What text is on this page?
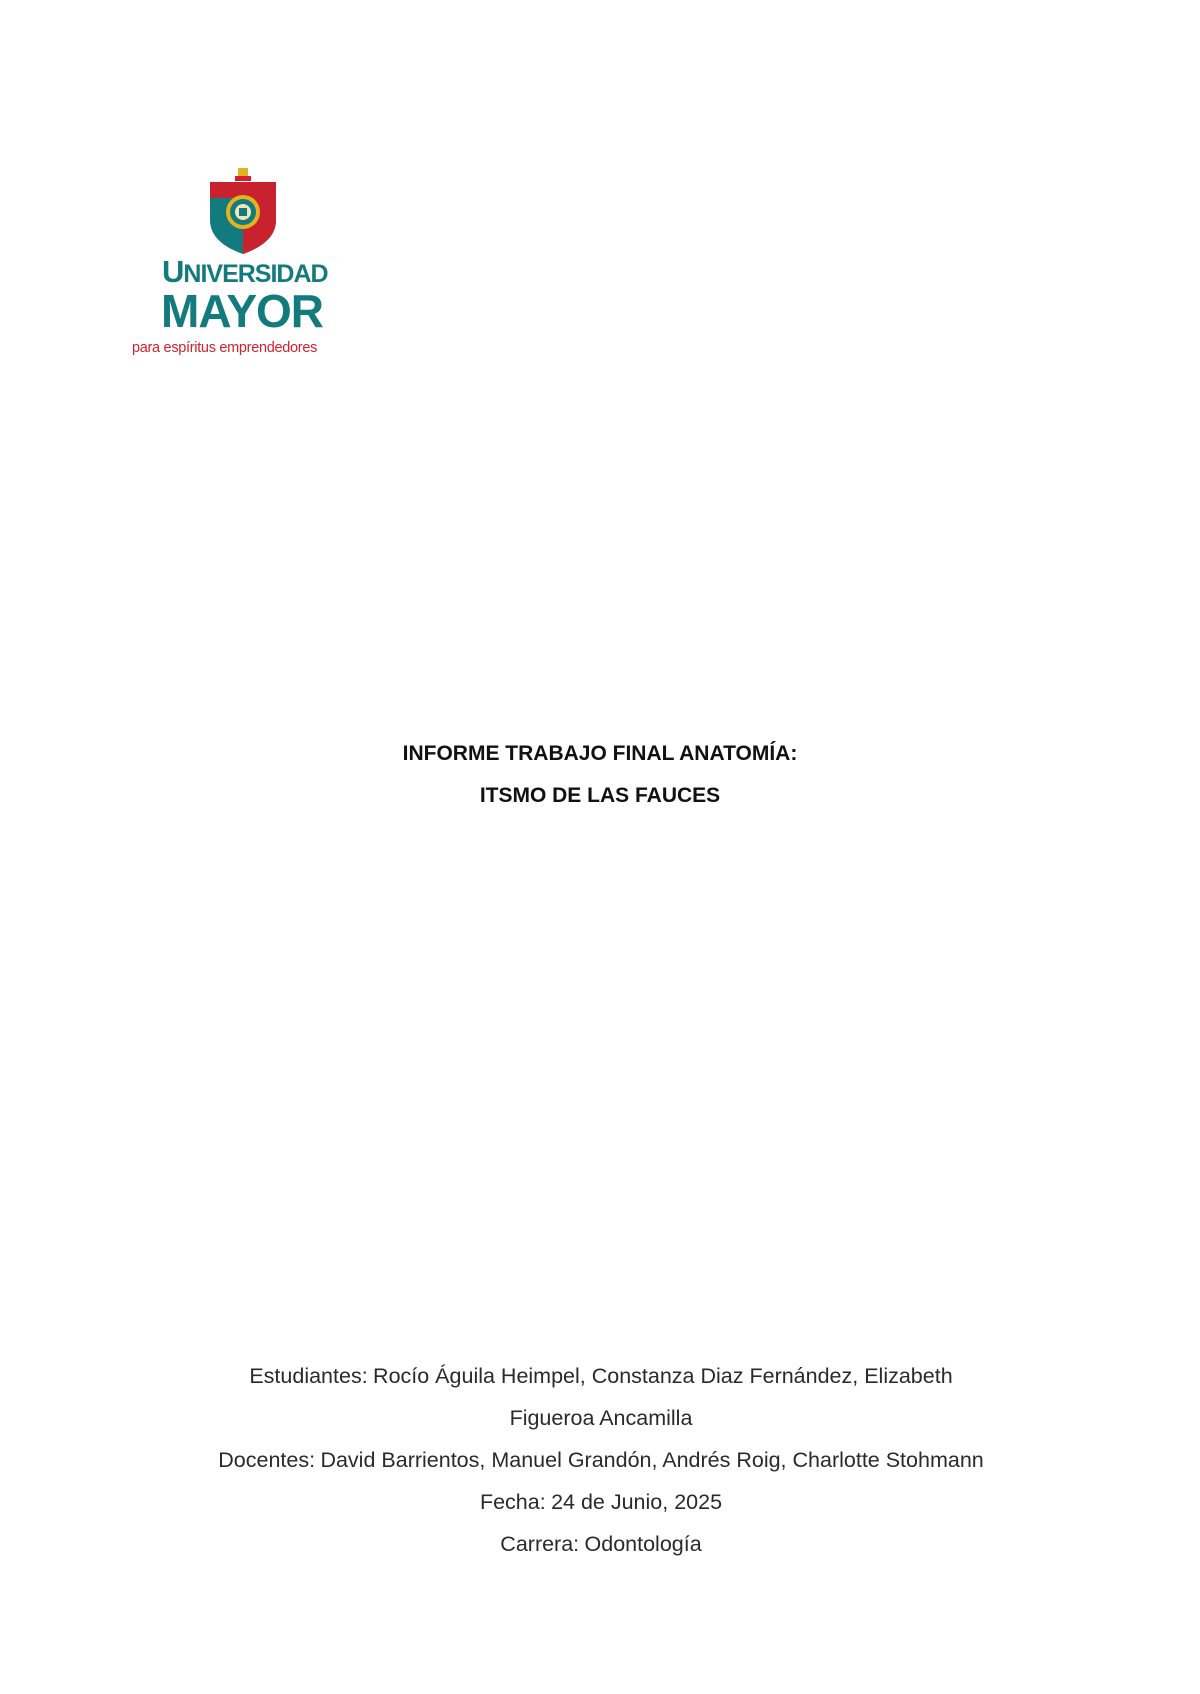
UNIVERSIDAD
MAYOR
para espíritus emprendedores
INFORME TRABAJO FINAL ANATOMÍA:
ITSMO DE LAS FAUCES
Estudiantes: Rocío Águila Heimpel, Constanza Diaz Fernández, Elizabeth
Figueroa Ancamilla
Docentes: David Barrientos, Manuel Grandón, Andrés Roig, Charlotte Stohmann
Fecha: 24 de Junio, 2025
Carrera: Odontología
